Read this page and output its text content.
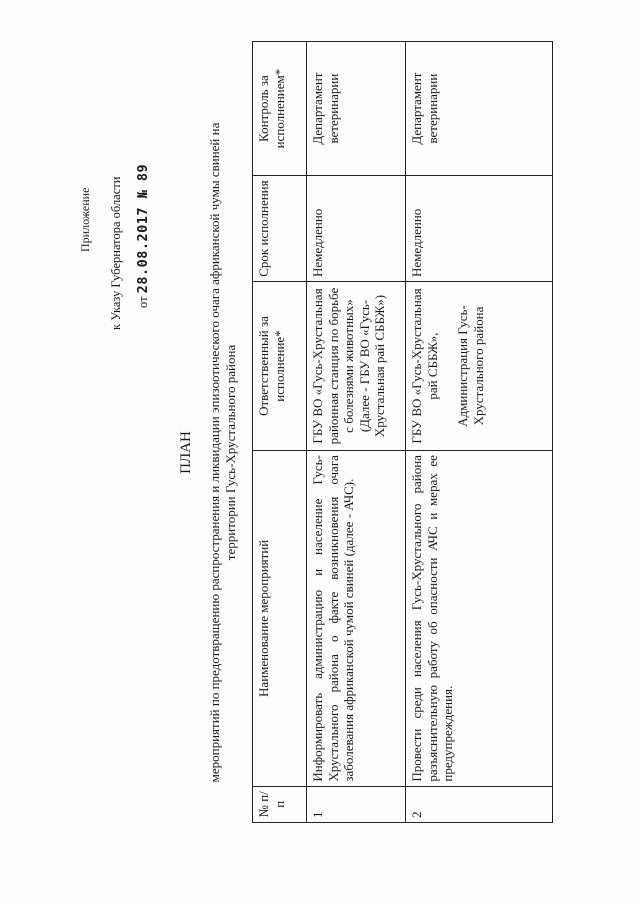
Приложение к Указу Губернатора области от 28.08.2017 № 89
ПЛАН мероприятий по предотвращению распространения и ликвидации эпизоотического очага африканской чумы свиней на территории Гусь-Хрустального района
№ п/п	Наименование мероприятий	Ответственный за исполнение*	Срок исполнения	Контроль за исполнением*
1	Информировать администрацию и население Гусь-Хрустального района о факте возникновения очага заболевания африканской чумой свиней (далее - АЧС).	ГБУ ВО «Гусь-Хрустальная районная станция по борьбе с болезнями животных» (Далее - ГБУ ВО «Гусь-Хрустальная рай СББЖ»)	Немедленно	Департамент ветеринарии
2	Провести среди населения Гусь-Хрустального района разъяснительную работу об опасности АЧС и мерах ее предупреждения.	ГБУ ВО «Гусь-Хрустальная рай СББЖ», Администрация Гусь-Хрустального района	Немедленно	Департамент ветеринарии
